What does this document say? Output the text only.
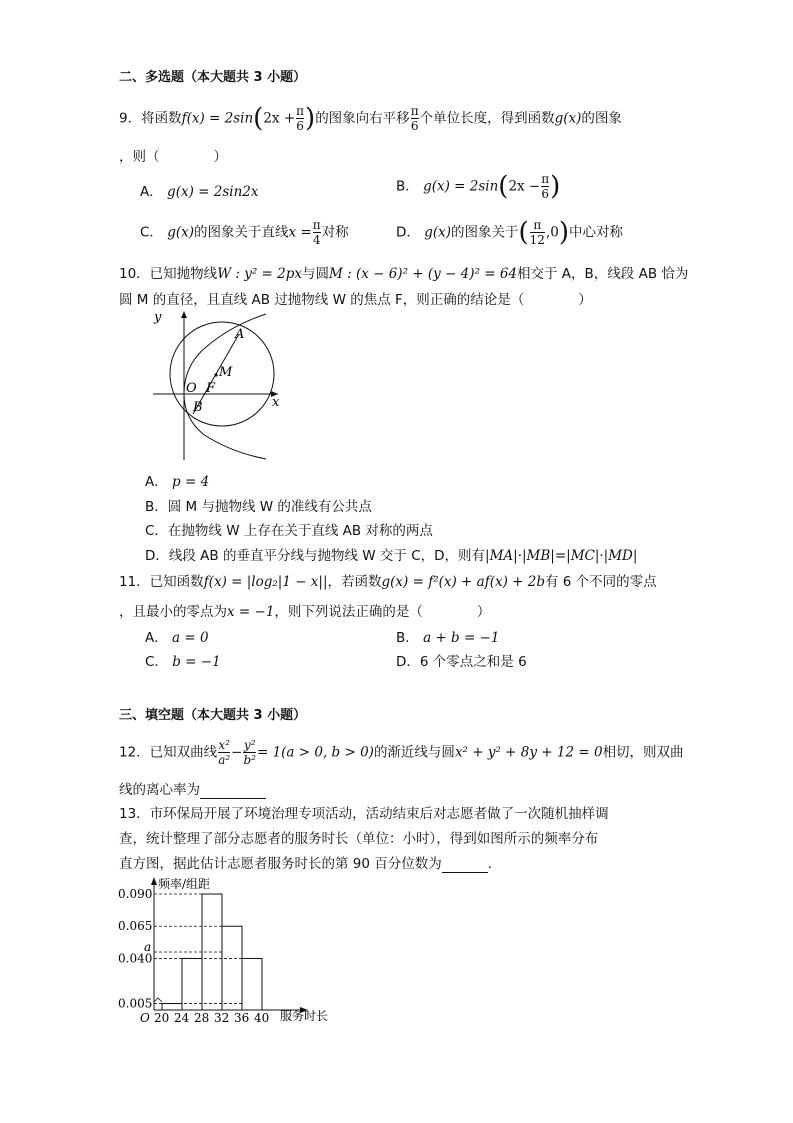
二、多选题（本大题共 3 小题）
9．将函数$f(x) = 2\sin(2x + \frac{\pi}{6}$ )的图象向右平移 $\frac{\pi}{6}$ 个单位长度，得到函数g(x)的图象
，则（　　　　）
A． g(x) = 2sin2x	B． $g(x) = 2\sin(2x - \frac{\pi}{6}$ )
C． g(x)的图象关于直线$x = \frac{\pi}{4}$ 对称	D． g(x)的图象关于( $\frac{\pi}{12} ,0$)中心对称
10．已知抛物线W : y² = 2px与圆M : (x − 6)² + (y − 4)² = 64相交于 A，B，线段 AB 恰为
圆 M 的直径，且直线 AB 过抛物线 W 的焦点 F，则正确的结论是（　　　　）
y
x
A
B
O F
M
A． p = 4
B．圆 M 与抛物线 W 的准线有公共点
C．在抛物线 W 上存在关于直线 AB 对称的两点
D．线段 AB 的垂直平分线与抛物线 W 交于 C，D，则有|MA|·|MB|=|MC|·|MD|
11．已知函数f(x) = |log₂|1 − x||，若函数g(x) = f²(x) + af(x) + 2b有 6 个不同的零点
，且最小的零点为x = −1，则下列说法正确的是（　　　　）
A． a = 0	B． a + b = −1
C． b = −1	D．6 个零点之和是 6
三、填空题（本大题共 3 小题）
12．已知双曲线 $\frac{\text{x²}}{\text{a²}} - \frac{\text{y²}}{\text{b²}} = 1(a > 0$, b > 0)的渐近线与圆x² + y² + 8y + 12 = 0相切，则双曲
线的离心率为
13．市环保局开展了环境治理专项活动，活动结束后对志愿者做了一次随机抽样调
查，统计整理了部分志愿者的服务时长（单位：小时），得到如图所示的频率分布
直方图，据此估计志愿者服务时长的第 90 百分位数为	.
频率/组距
服务时长
O
0.005
0.040
a
0.065
0.090
20 24 28 32 36 40
